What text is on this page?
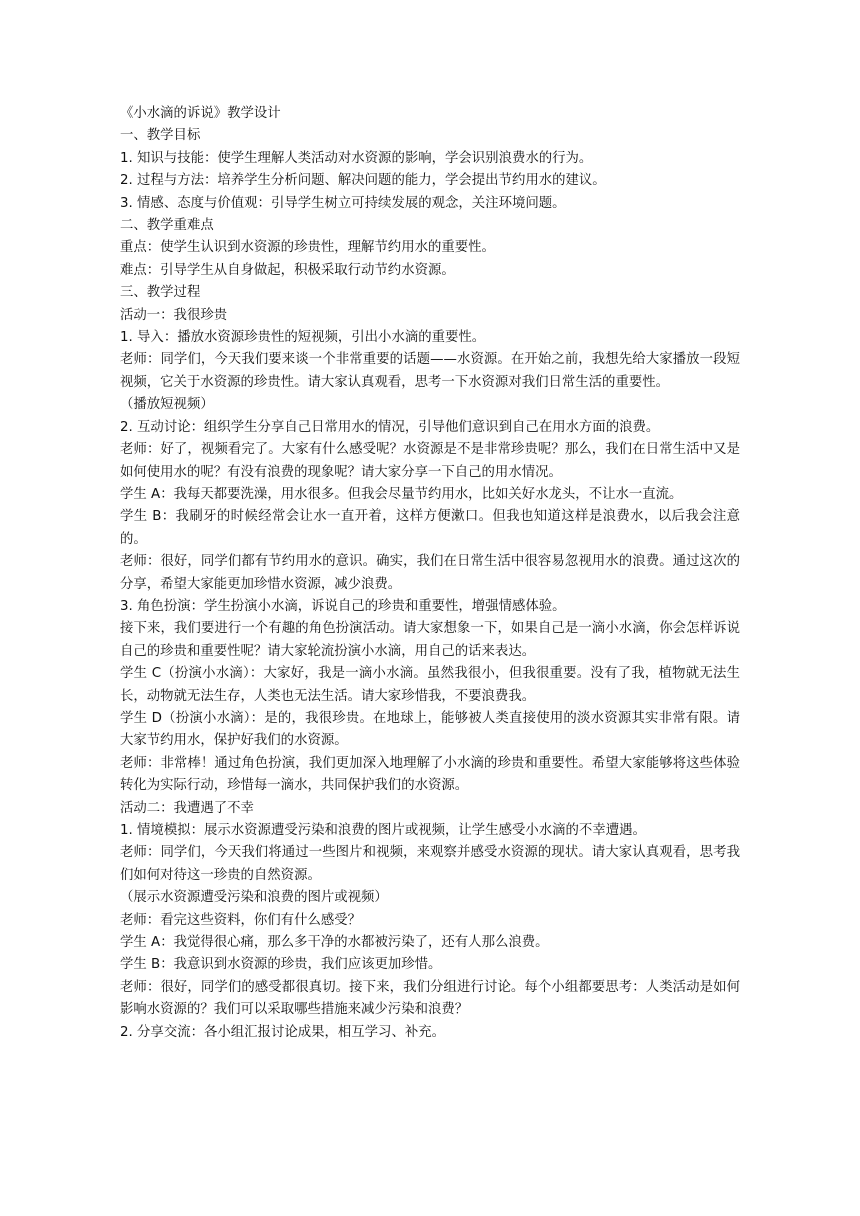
《小水滴的诉说》教学设计

一、教学目标

1. 知识与技能：使学生理解人类活动对水资源的影响，学会识别浪费水的行为。

2. 过程与方法：培养学生分析问题、解决问题的能力，学会提出节约用水的建议。

3. 情感、态度与价值观：引导学生树立可持续发展的观念，关注环境问题。

二、教学重难点

重点：使学生认识到水资源的珍贵性，理解节约用水的重要性。

难点：引导学生从自身做起，积极采取行动节约水资源。

三、教学过程

活动一：我很珍贵

1. 导入：播放水资源珍贵性的短视频，引出小水滴的重要性。

老师：同学们，今天我们要来谈一个非常重要的话题——水资源。在开始之前，我想先给大家播放一段短视频，它关于水资源的珍贵性。请大家认真观看，思考一下水资源对我们日常生活的重要性。

（播放短视频）

2. 互动讨论：组织学生分享自己日常用水的情况，引导他们意识到自己在用水方面的浪费。

老师：好了，视频看完了。大家有什么感受呢？水资源是不是非常珍贵呢？那么，我们在日常生活中又是如何使用水的呢？有没有浪费的现象呢？请大家分享一下自己的用水情况。

学生 A：我每天都要洗澡，用水很多。但我会尽量节约用水，比如关好水龙头，不让水一直流。

学生 B：我刷牙的时候经常会让水一直开着，这样方便漱口。但我也知道这样是浪费水，以后我会注意的。

老师：很好，同学们都有节约用水的意识。确实，我们在日常生活中很容易忽视用水的浪费。通过这次的分享，希望大家能更加珍惜水资源，减少浪费。

3. 角色扮演：学生扮演小水滴，诉说自己的珍贵和重要性，增强情感体验。

接下来，我们要进行一个有趣的角色扮演活动。请大家想象一下，如果自己是一滴小水滴，你会怎样诉说自己的珍贵和重要性呢？请大家轮流扮演小水滴，用自己的话来表达。

学生 C（扮演小水滴）：大家好，我是一滴小水滴。虽然我很小，但我很重要。没有了我，植物就无法生长，动物就无法生存，人类也无法生活。请大家珍惜我，不要浪费我。

学生 D（扮演小水滴）：是的，我很珍贵。在地球上，能够被人类直接使用的淡水资源其实非常有限。请大家节约用水，保护好我们的水资源。

老师：非常棒！通过角色扮演，我们更加深入地理解了小水滴的珍贵和重要性。希望大家能够将这些体验转化为实际行动，珍惜每一滴水，共同保护我们的水资源。

活动二：我遭遇了不幸

1. 情境模拟：展示水资源遭受污染和浪费的图片或视频，让学生感受小水滴的不幸遭遇。

老师：同学们，今天我们将通过一些图片和视频，来观察并感受水资源的现状。请大家认真观看，思考我们如何对待这一珍贵的自然资源。

（展示水资源遭受污染和浪费的图片或视频）

老师：看完这些资料，你们有什么感受？

学生 A：我觉得很心痛，那么多干净的水都被污染了，还有人那么浪费。

学生 B：我意识到水资源的珍贵，我们应该更加珍惜。

老师：很好，同学们的感受都很真切。接下来，我们分组进行讨论。每个小组都要思考：人类活动是如何影响水资源的？我们可以采取哪些措施来减少污染和浪费？

2. 分享交流：各小组汇报讨论成果，相互学习、补充。
